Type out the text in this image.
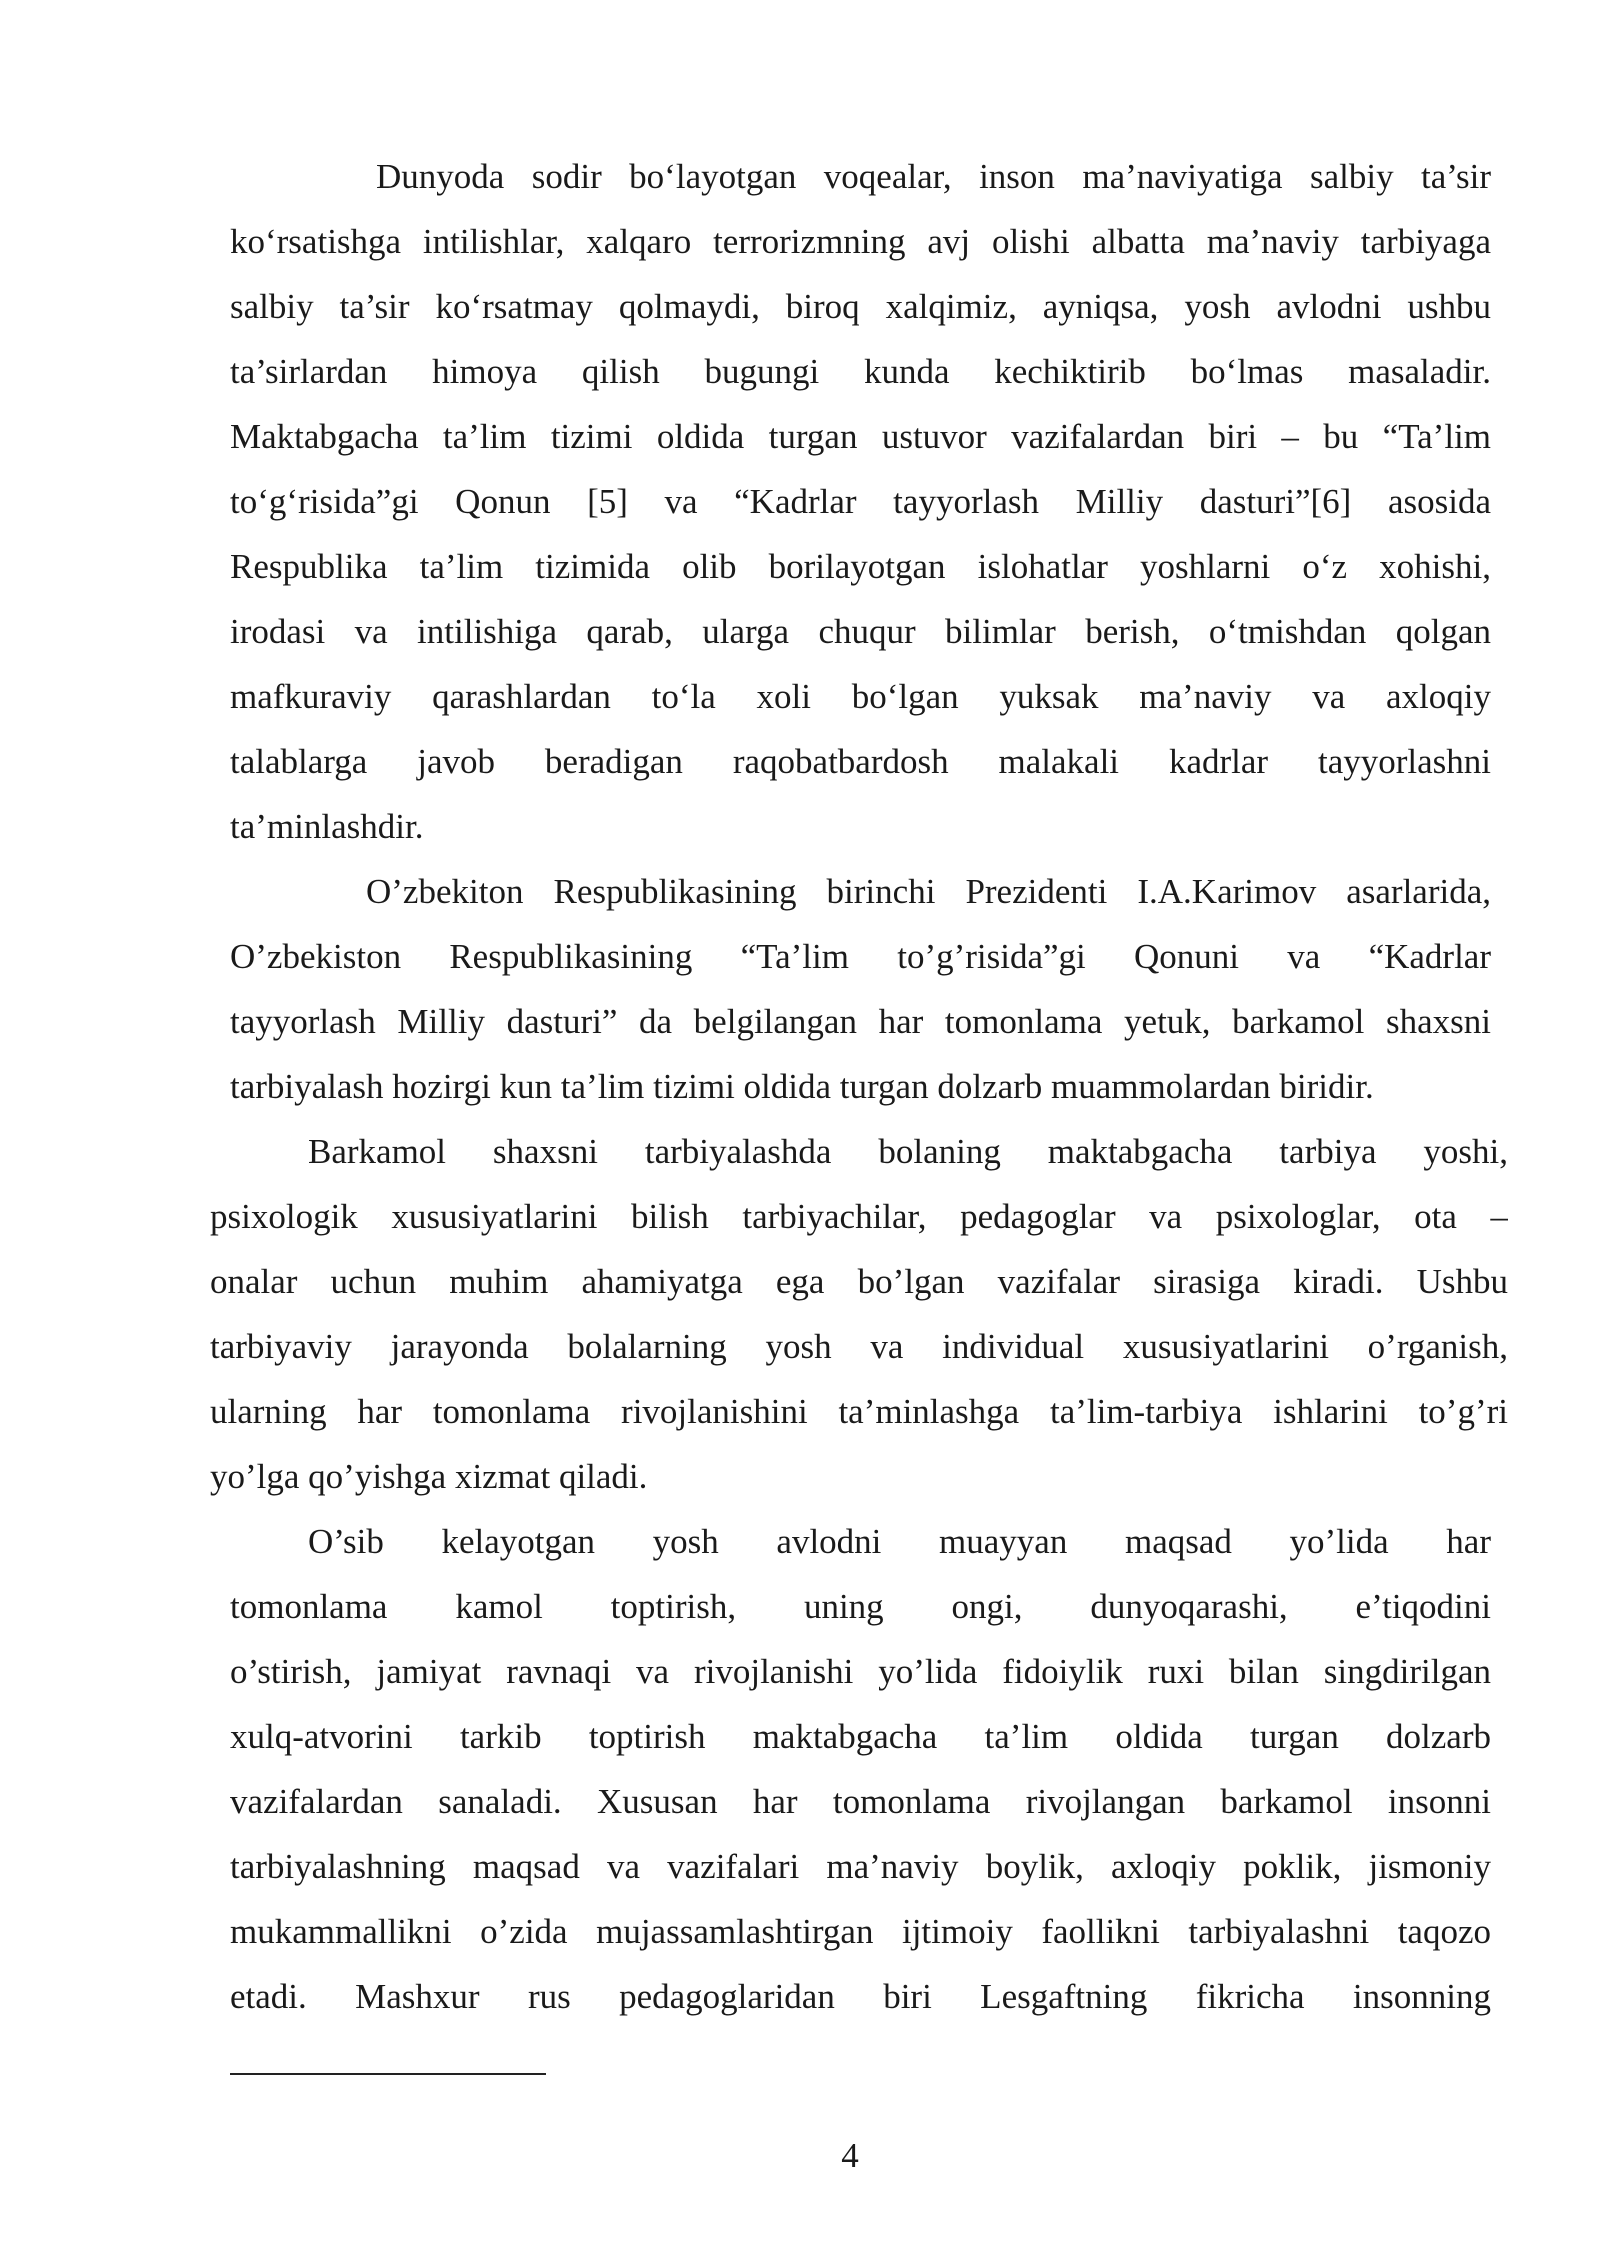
Dunyoda sodir bo‘layotgan voqealar, inson ma’naviyatiga salbiy ta’sir
ko‘rsatishga intilishlar, xalqaro terrorizmning avj olishi albatta ma’naviy tarbiyaga
salbiy ta’sir ko‘rsatmay qolmaydi, biroq xalqimiz, ayniqsa, yosh avlodni ushbu
ta’sirlardan himoya qilish bugungi kunda kechiktirib bo‘lmas masaladir.
Maktabgacha ta’lim tizimi oldida turgan ustuvor vazifalardan biri – bu “Ta’lim
to‘g‘risida”gi Qonun [5] va “Kadrlar tayyorlash Milliy dasturi”[6] asosida
Respublika ta’lim tizimida olib borilayotgan islohatlar yoshlarni o‘z xohishi,
irodasi va intilishiga qarab, ularga chuqur bilimlar berish, o‘tmishdan qolgan
mafkuraviy qarashlardan to‘la xoli bo‘lgan yuksak ma’naviy va axloqiy
talablarga javob beradigan raqobatbardosh malakali kadrlar tayyorlashni
ta’minlashdir.
O’zbekiton Respublikasining birinchi Prezidenti I.A.Karimov asarlarida,
O’zbekiston Respublikasining “Ta’lim to’g’risida”gi Qonuni va “Kadrlar
tayyorlash Milliy dasturi” da belgilangan har tomonlama yetuk, barkamol shaxsni
tarbiyalash hozirgi kun ta’lim tizimi oldida turgan dolzarb muammolardan biridir.
Barkamol shaxsni tarbiyalashda bolaning maktabgacha tarbiya yoshi,
psixologik xususiyatlarini bilish tarbiyachilar, pedagoglar va psixologlar, ota –
onalar uchun muhim ahamiyatga ega bo’lgan vazifalar sirasiga kiradi. Ushbu
tarbiyaviy jarayonda bolalarning yosh va individual xususiyatlarini o’rganish,
ularning har tomonlama rivojlanishini ta’minlashga ta’lim-tarbiya ishlarini to’g’ri
yo’lga qo’yishga xizmat qiladi.
O’sib kelayotgan yosh avlodni muayyan maqsad yo’lida har
tomonlama kamol toptirish, uning ongi, dunyoqarashi, e’tiqodini
o’stirish, jamiyat ravnaqi va rivojlanishi yo’lida fidoiylik ruxi bilan singdirilgan
xulq-atvorini tarkib toptirish maktabgacha ta’lim oldida turgan dolzarb
vazifalardan sanaladi. Xususan har tomonlama rivojlangan barkamol insonni
tarbiyalashning maqsad va vazifalari ma’naviy boylik, axloqiy poklik, jismoniy
mukammallikni o’zida mujassamlashtirgan ijtimoiy faollikni tarbiyalashni taqozo
etadi. Mashxur rus pedagoglaridan biri Lesgaftning fikricha insonning
4
